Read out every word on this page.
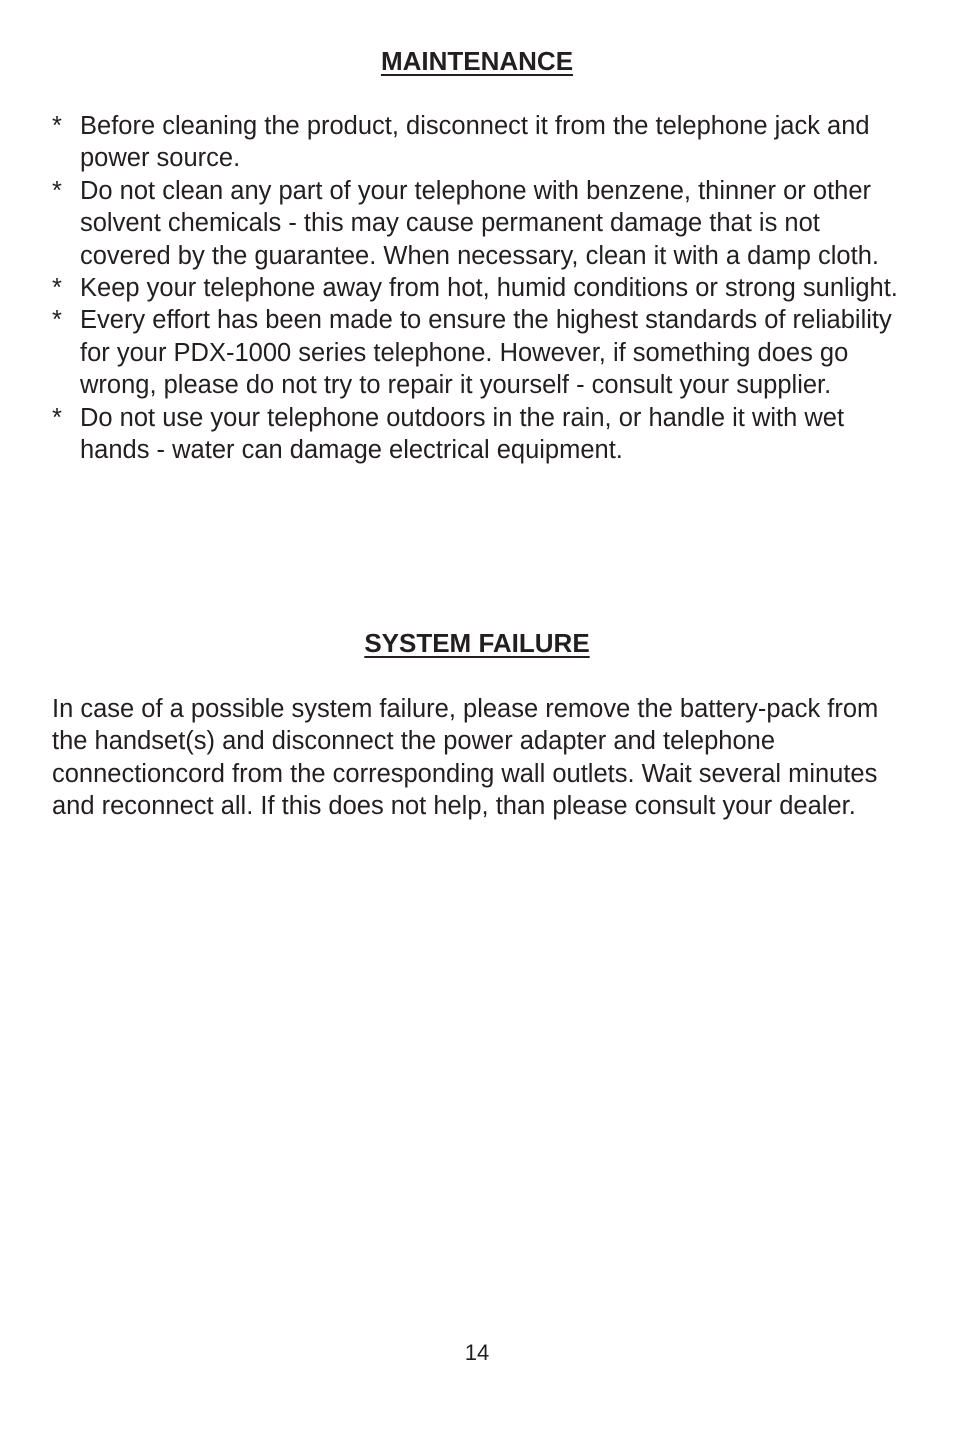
MAINTENANCE
* Before cleaning the product, disconnect it from the telephone jack and power source.
* Do not clean any part of your telephone with benzene, thinner or other solvent chemicals - this may cause permanent damage that is not covered by the guarantee. When necessary, clean it with a damp cloth.
* Keep your telephone away from hot, humid conditions or strong sunlight.
* Every effort has been made to ensure the highest standards of reliability for your PDX-1000 series telephone. However, if something does go wrong, please do not try to repair it yourself - consult your supplier.
* Do not use your telephone outdoors in the rain, or handle it with wet hands - water can damage electrical equipment.
SYSTEM FAILURE

In case of a possible system failure, please remove the battery-pack from the handset(s) and disconnect the power adapter and telephone connectioncord from the corresponding wall outlets. Wait several minutes and reconnect all. If this does not help, than please consult your dealer.

14
